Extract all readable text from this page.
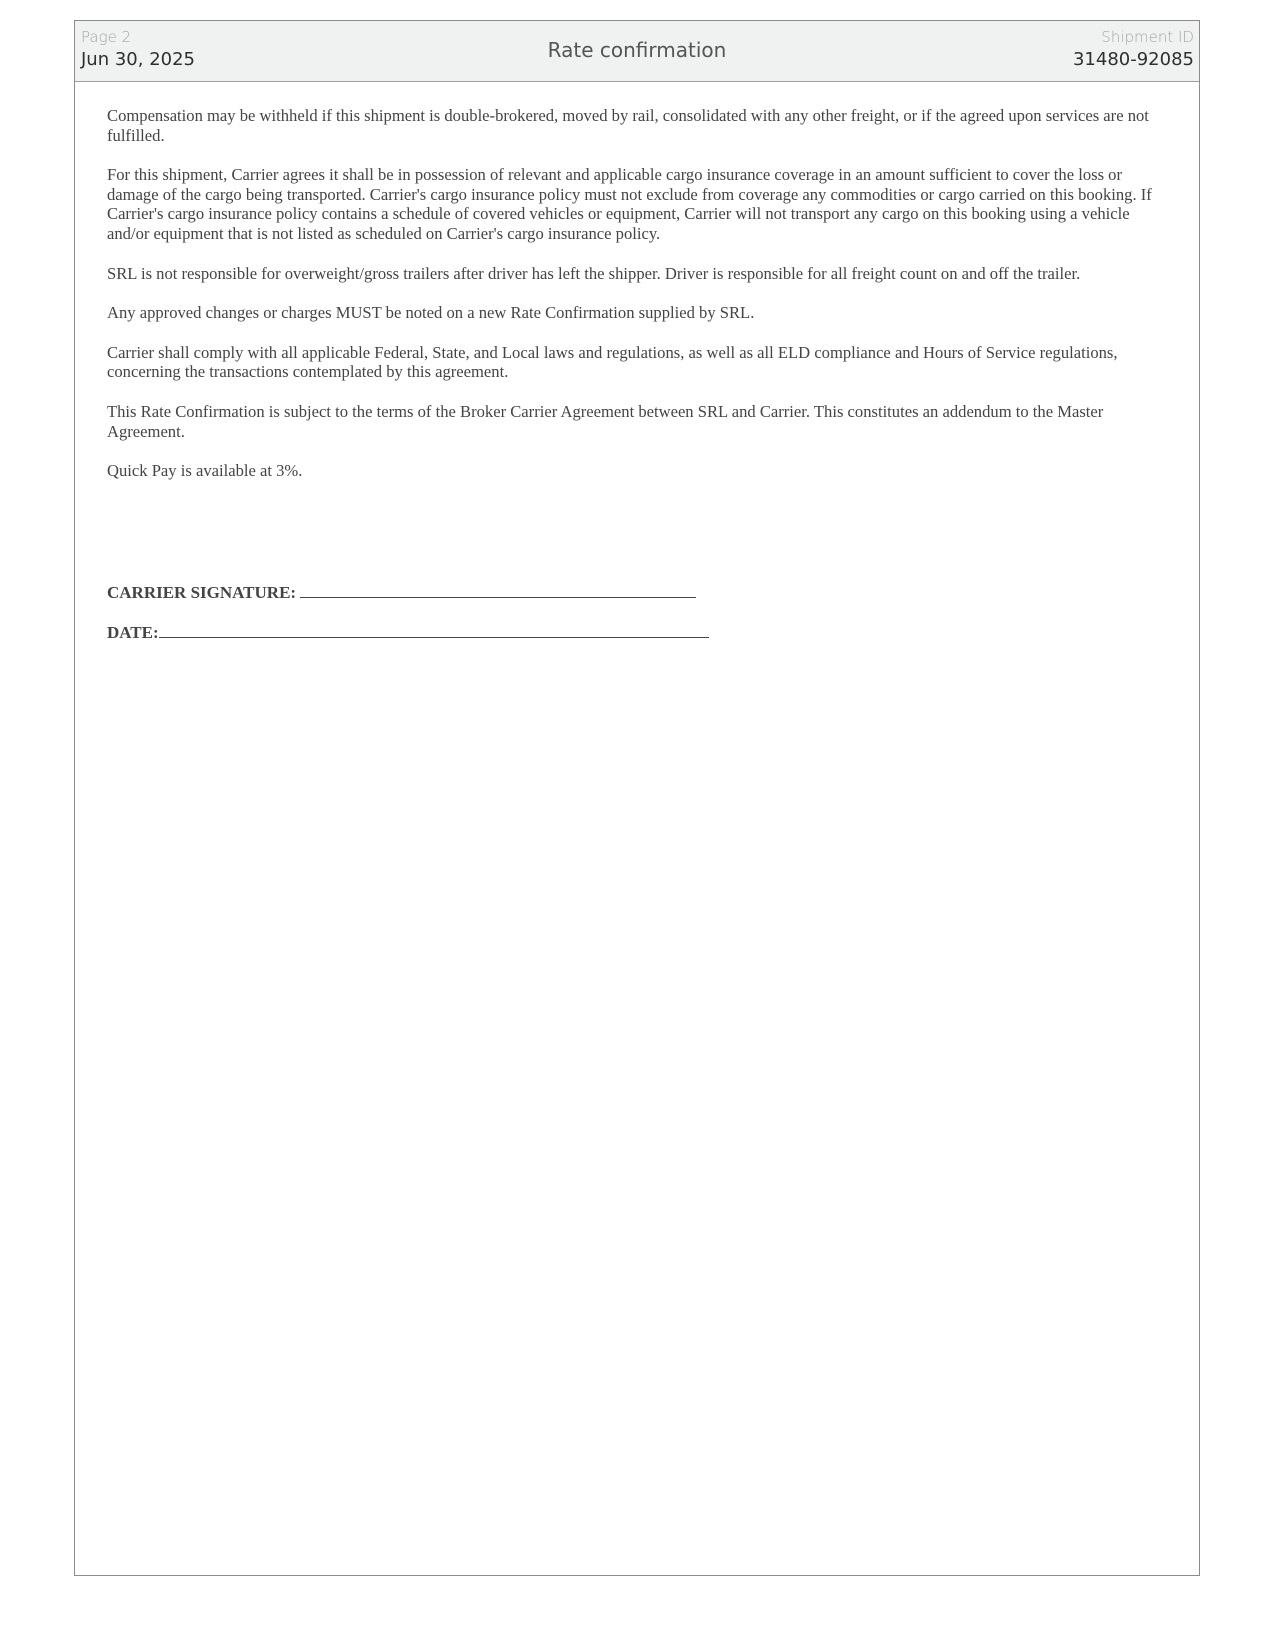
Page 2
Jun 30, 2025	Rate confirmation
Shipment ID
31480-92085

Compensation may be withheld if this shipment is double-brokered, moved by rail, consolidated with any other freight, or if the agreed upon services are not fulfilled.

For this shipment, Carrier agrees it shall be in possession of relevant and applicable cargo insurance coverage in an amount sufficient to cover the loss or damage of the cargo being transported. Carrier's cargo insurance policy must not exclude from coverage any commodities or cargo carried on this booking. If Carrier's cargo insurance policy contains a schedule of covered vehicles or equipment, Carrier will not transport any cargo on this booking using a vehicle and/or equipment that is not listed as scheduled on Carrier's cargo insurance policy.

SRL is not responsible for overweight/gross trailers after driver has left the shipper. Driver is responsible for all freight count on and off the trailer.

Any approved changes or charges MUST be noted on a new Rate Confirmation supplied by SRL.

Carrier shall comply with all applicable Federal, State, and Local laws and regulations, as well as all ELD compliance and Hours of Service regulations, concerning the transactions contemplated by this agreement.

This Rate Confirmation is subject to the terms of the Broker Carrier Agreement between SRL and Carrier. This constitutes an addendum to the Master Agreement.

Quick Pay is available at 3%.

CARRIER SIGNATURE:
DATE:
